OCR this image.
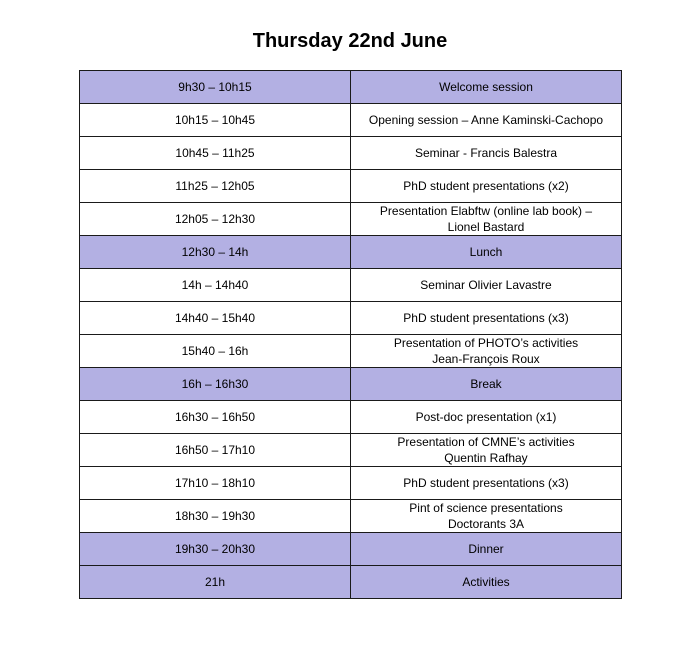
Thursday 22nd June
9h30 – 10h15	Welcome session

10h15 – 10h45	Opening session – Anne Kaminski-Cachopo

10h45 – 11h25	Seminar - Francis Balestra

11h25 – 12h05	PhD student presentations (x2)

12h05 – 12h30	Presentation Elabftw (online lab book) –
Lionel Bastard

12h30 – 14h	Lunch

14h – 14h40	Seminar Olivier Lavastre

14h40 – 15h40	PhD student presentations (x3)

15h40 – 16h	Presentation of PHOTO’s activities
Jean-François Roux

16h – 16h30	Break

16h30 – 16h50	Post-doc presentation (x1)

16h50 – 17h10	Presentation of CMNE’s activities
Quentin Rafhay

17h10 – 18h10	PhD student presentations (x3)

18h30 – 19h30	Pint of science presentations
Doctorants 3A

19h30 – 20h30	Dinner

21h	Activities
